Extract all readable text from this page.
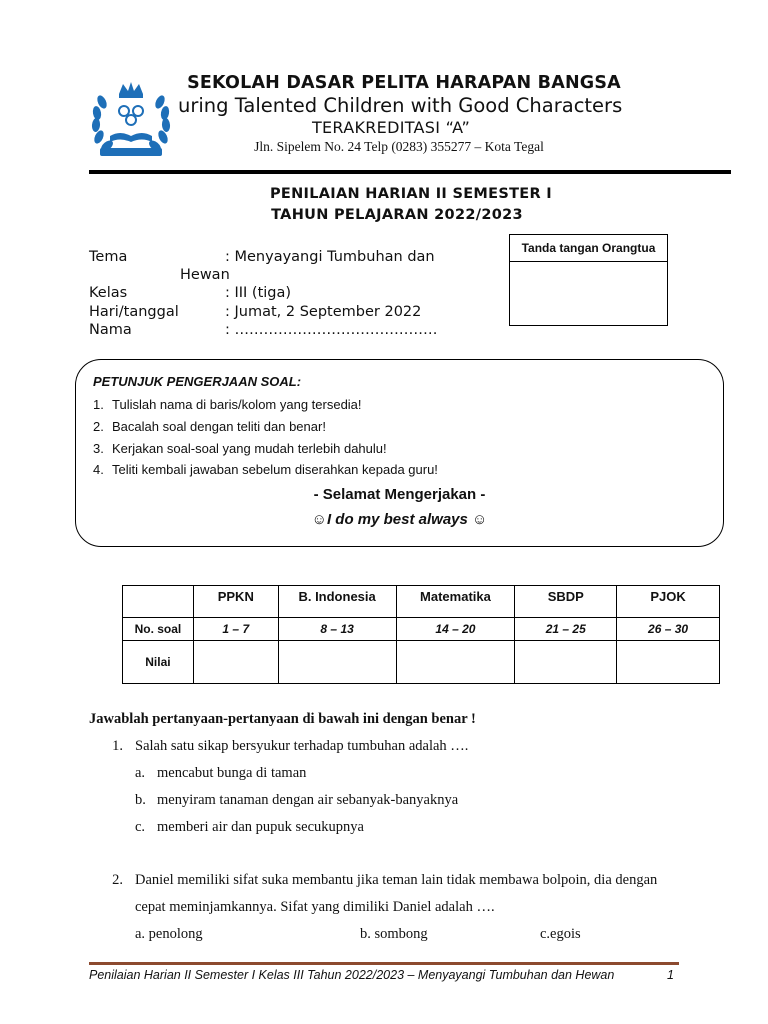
SEKOLAH DASAR PELITA HARAPAN BANGSA
uring Talented Children with Good Characters
TERAKREDITASI “A”
Jln. Sipelem No. 24 Telp (0283) 355277 – Kota Tegal
PENILAIAN HARIAN II SEMESTER I
TAHUN PELAJARAN 2022/2023
Tema	: Menyayangi Tumbuhan dan
Hewan
Kelas	: III (tiga)
Hari/tanggal	: Jumat, 2 September 2022
Nama	: ……………………………………
Tanda tangan Orangtua
PETUNJUK PENGERJAAN SOAL:
1. Tulislah nama di baris/kolom yang tersedia!
2. Bacalah soal dengan teliti dan benar!
3. Kerjakan soal-soal yang mudah terlebih dahulu!
4. Teliti kembali jawaban sebelum diserahkan kepada guru!
- Selamat Mengerjakan -
☺I do my best always ☺
	PPKN	B. Indonesia	Matematika	SBDP	PJOK
No. soal	1 – 7	8 – 13	14 – 20	21 – 25	26 – 30
Nilai					
Jawablah pertanyaan-pertanyaan di bawah ini dengan benar !
1. Salah satu sikap bersyukur terhadap tumbuhan adalah ….
a. mencabut bunga di taman
b. menyiram tanaman dengan air sebanyak-banyaknya
c. memberi air dan pupuk secukupnya
2. Daniel memiliki sifat suka membantu jika teman lain tidak membawa bolpoin, dia dengan
cepat meminjamkannya. Sifat yang dimiliki Daniel adalah ….
a. penolong	b. sombong	c.egois
Penilaian Harian II Semester I Kelas III Tahun 2022/2023 – Menyayangi Tumbuhan dan Hewan	1
